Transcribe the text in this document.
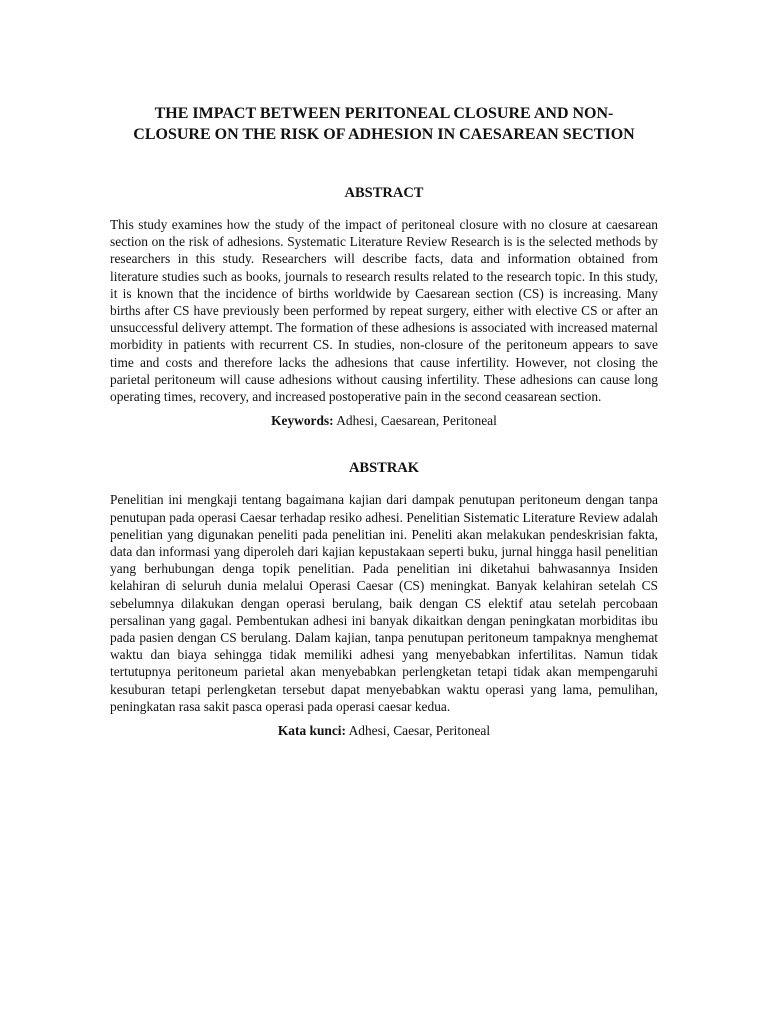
THE IMPACT BETWEEN PERITONEAL CLOSURE AND NON-CLOSURE ON THE RISK OF ADHESION IN CAESAREAN SECTION
ABSTRACT

This study examines how the study of the impact of peritoneal closure with no closure at caesarean section on the risk of adhesions. Systematic Literature Review Research is is the selected methods by researchers in this study. Researchers will describe facts, data and information obtained from literature studies such as books, journals to research results related to the research topic. In this study, it is known that the incidence of births worldwide by Caesarean section (CS) is increasing. Many births after CS have previously been performed by repeat surgery, either with elective CS or after an unsuccessful delivery attempt. The formation of these adhesions is associated with increased maternal morbidity in patients with recurrent CS. In studies, non-closure of the peritoneum appears to save time and costs and therefore lacks the adhesions that cause infertility. However, not closing the parietal peritoneum will cause adhesions without causing infertility. These adhesions can cause long operating times, recovery, and increased postoperative pain in the second ceasarean section.

Keywords: Adhesi, Caesarean, Peritoneal

ABSTRAK

Penelitian ini mengkaji tentang bagaimana kajian dari dampak penutupan peritoneum dengan tanpa penutupan pada operasi Caesar terhadap resiko adhesi. Penelitian Sistematic Literature Review adalah penelitian yang digunakan peneliti pada penelitian ini. Peneliti akan melakukan pendeskrisian fakta, data dan informasi yang diperoleh dari kajian kepustakaan seperti buku, jurnal hingga hasil penelitian yang berhubungan denga topik penelitian. Pada penelitian ini diketahui bahwasannya Insiden kelahiran di seluruh dunia melalui Operasi Caesar (CS) meningkat. Banyak kelahiran setelah CS sebelumnya dilakukan dengan operasi berulang, baik dengan CS elektif atau setelah percobaan persalinan yang gagal. Pembentukan adhesi ini banyak dikaitkan dengan peningkatan morbiditas ibu pada pasien dengan CS berulang. Dalam kajian, tanpa penutupan peritoneum tampaknya menghemat waktu dan biaya sehingga tidak memiliki adhesi yang menyebabkan infertilitas. Namun tidak tertutupnya peritoneum parietal akan menyebabkan perlengketan tetapi tidak akan mempengaruhi kesuburan tetapi perlengketan tersebut dapat menyebabkan waktu operasi yang lama, pemulihan, peningkatan rasa sakit pasca operasi pada operasi caesar kedua.

Kata kunci: Adhesi, Caesar, Peritoneal
